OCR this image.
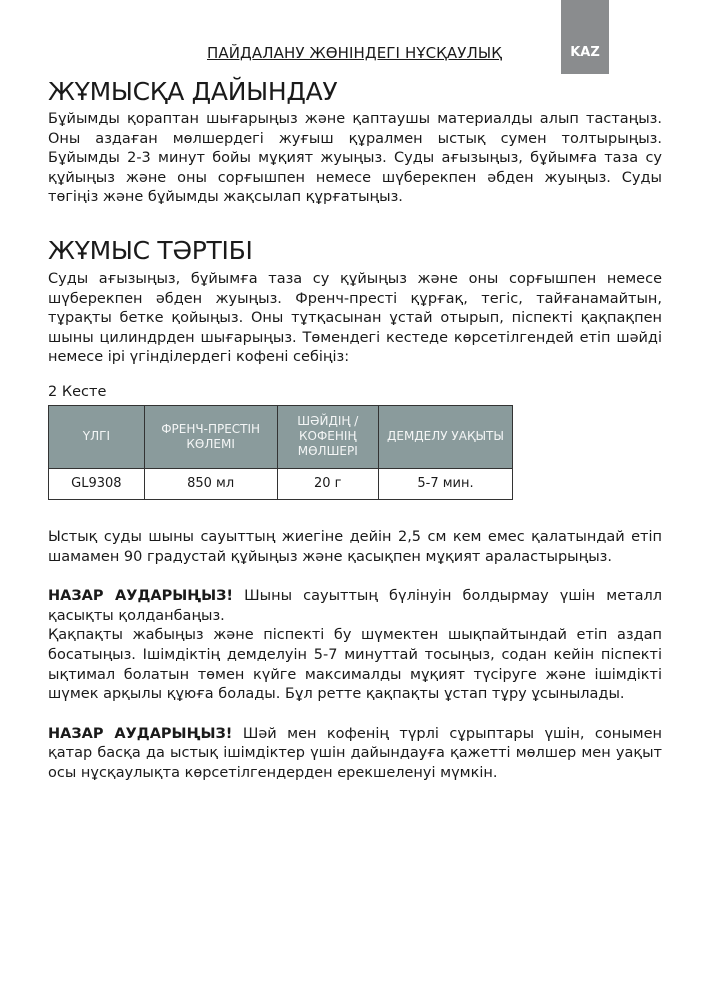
KAZ
ПАЙДАЛАНУ ЖӨНІНДЕГІ НҰСҚАУЛЫҚ
ЖҰМЫСҚА ДАЙЫНДАУ

Бұйымды қораптан шығарыңыз және қаптаушы материалды алып тастаңыз. Оны аздаған мөлшердегі жуғыш құралмен ыстық сумен толтырыңыз. Бұйымды 2-3 минут бойы мұқият жуыңыз. Суды ағызыңыз, бұйымға таза су құйыңыз және оны сорғышпен немесе шүберекпен әбден жуыңыз. Суды төгіңіз және бұйымды жақсылап құрғатыңыз.

ЖҰМЫС ТӘРТІБІ

Суды ағызыңыз, бұйымға таза су құйыңыз және оны сорғышпен немесе шүберекпен әбден жуыңыз. Френч-престі құрғақ, тегіс, тайғанамайтын, тұрақты бетке қойыңыз. Оны тұтқасынан ұстай отырып, піспекті қақпақпен шыны цилиндрден шығарыңыз. Төмендегі кестеде көрсетілгендей етіп шәйді немесе ірі үгінділердегі кофені себіңіз:

2 Кесте
ҮЛГІ	ФРЕНЧ-ПРЕСТІН КӨЛЕМІ	ШӘЙДІҢ / КОФЕНІҢ МӨЛШЕРІ	ДЕМДЕЛУ УАҚЫТЫ
GL9308	850 мл	20 г	5-7 мин.

Ыстық суды шыны сауыттың жиегіне дейін 2,5 см кем емес қалатындай етіп шамамен 90 градустай құйыңыз және қасықпен мұқият араластырыңыз.

НАЗАР АУДАРЫҢЫЗ! Шыны сауыттың бүлінуін болдырмау үшін металл қасықты қолданбаңыз.

Қақпақты жабыңыз және піспекті бу шүмектен шықпайтындай етіп аздап босатыңыз. Ішімдіктің демделуін 5-7 минуттай тосыңыз, содан кейін піспекті ықтимал болатын төмен күйге максималды мұқият түсіруге және ішімдікті шүмек арқылы құюға болады. Бұл ретте қақпақты ұстап тұру ұсынылады.

НАЗАР АУДАРЫҢЫЗ! Шәй мен кофенің түрлі сұрыптары үшін, сонымен қатар басқа да ыстық ішімдіктер үшін дайындауға қажетті мөлшер мен уақыт осы нұсқаулықта көрсетілгендерден ерекшеленуі мүмкін.
